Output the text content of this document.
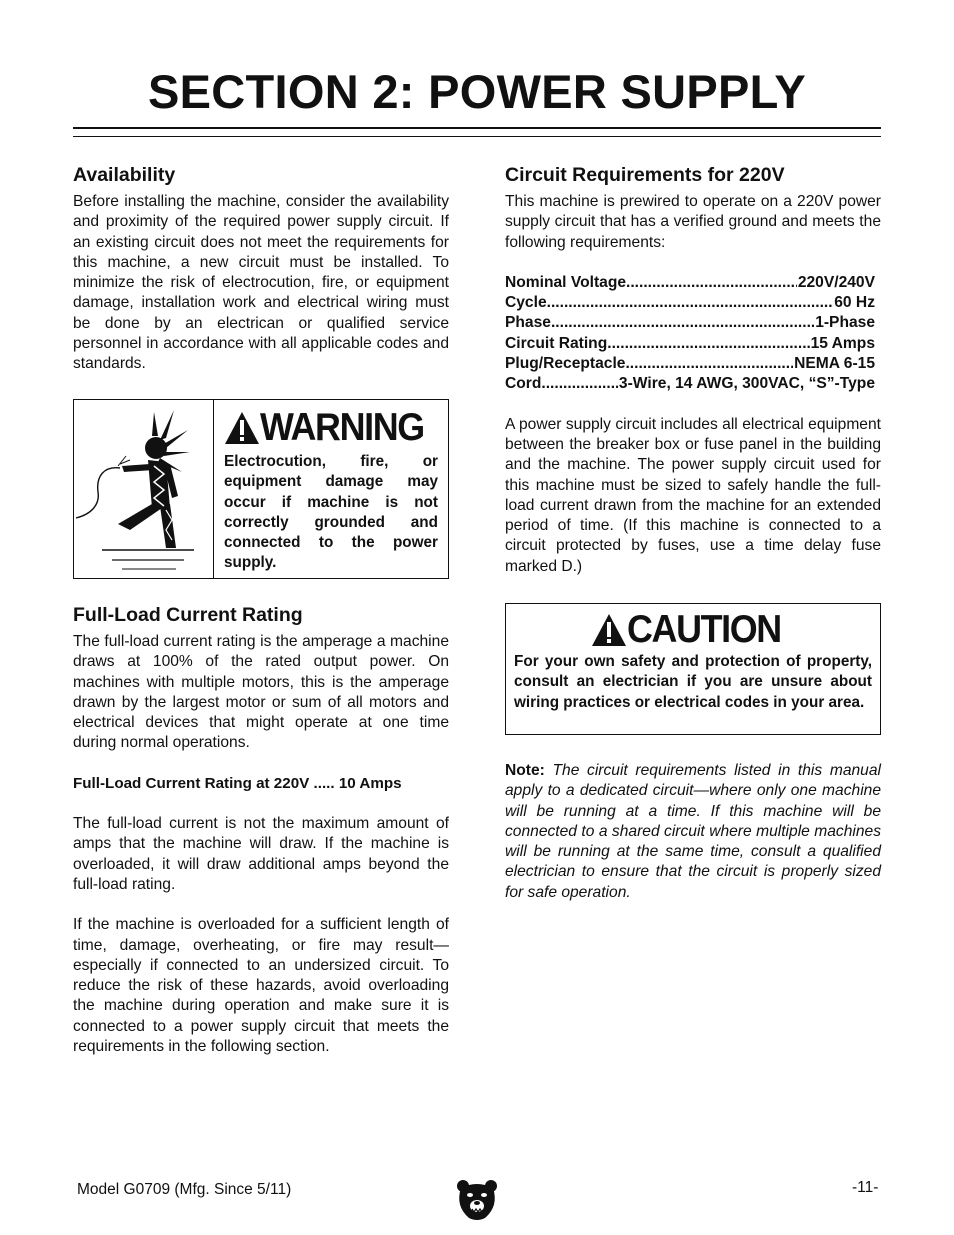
SECTION 2: POWER SUPPLY
Availability

Before installing the machine, consider the availability and proximity of the required power supply circuit. If an existing circuit does not meet the requirements for this machine, a new circuit must be installed. To minimize the risk of electrocution, fire, or equipment damage, installation work and electrical wiring must be done by an electrican or qualified service personnel in accordance with all applicable codes and standards.

WARNING

Electrocution, fire, or equipment damage may occur if machine is not correctly grounded and connected to the power supply.

Full-Load Current Rating

The full-load current rating is the amperage a machine draws at 100% of the rated output power. On machines with multiple motors, this is the amperage drawn by the largest motor or sum of all motors and electrical devices that might operate at one time during normal operations.

Full-Load Current Rating at 220V ..... 10 Amps

The full-load current is not the maximum amount of amps that the machine will draw. If the machine is overloaded, it will draw additional amps beyond the full-load rating.

If the machine is overloaded for a sufficient length of time, damage, overheating, or fire may result—especially if connected to an undersized circuit. To reduce the risk of these hazards, avoid overloading the machine during operation and make sure it is connected to a power supply circuit that meets the requirements in the following section.

Circuit Requirements for 220V

This machine is prewired to operate on a 220V power supply circuit that has a verified ground and meets the following requirements:

Nominal Voltage .....	220V/240V
Cycle .....	60 Hz
Phase .....	1-Phase
Circuit Rating .....	15 Amps
Plug/Receptacle .....	NEMA 6-15
Cord .....	3-Wire, 14 AWG, 300VAC, “S”-Type

A power supply circuit includes all electrical equipment between the breaker box or fuse panel in the building and the machine. The power supply circuit used for this machine must be sized to safely handle the full-load current drawn from the machine for an extended period of time. (If this machine is connected to a circuit protected by fuses, use a time delay fuse marked D.)

CAUTION

For your own safety and protection of property, consult an electrician if you are unsure about wiring practices or electrical codes in your area.

Note: The circuit requirements listed in this manual apply to a dedicated circuit—where only one machine will be running at a time. If this machine will be connected to a shared circuit where multiple machines will be running at the same time, consult a qualified electrician to ensure that the circuit is properly sized for safe operation.

Model G0709 (Mfg. Since 5/11)	-11-
